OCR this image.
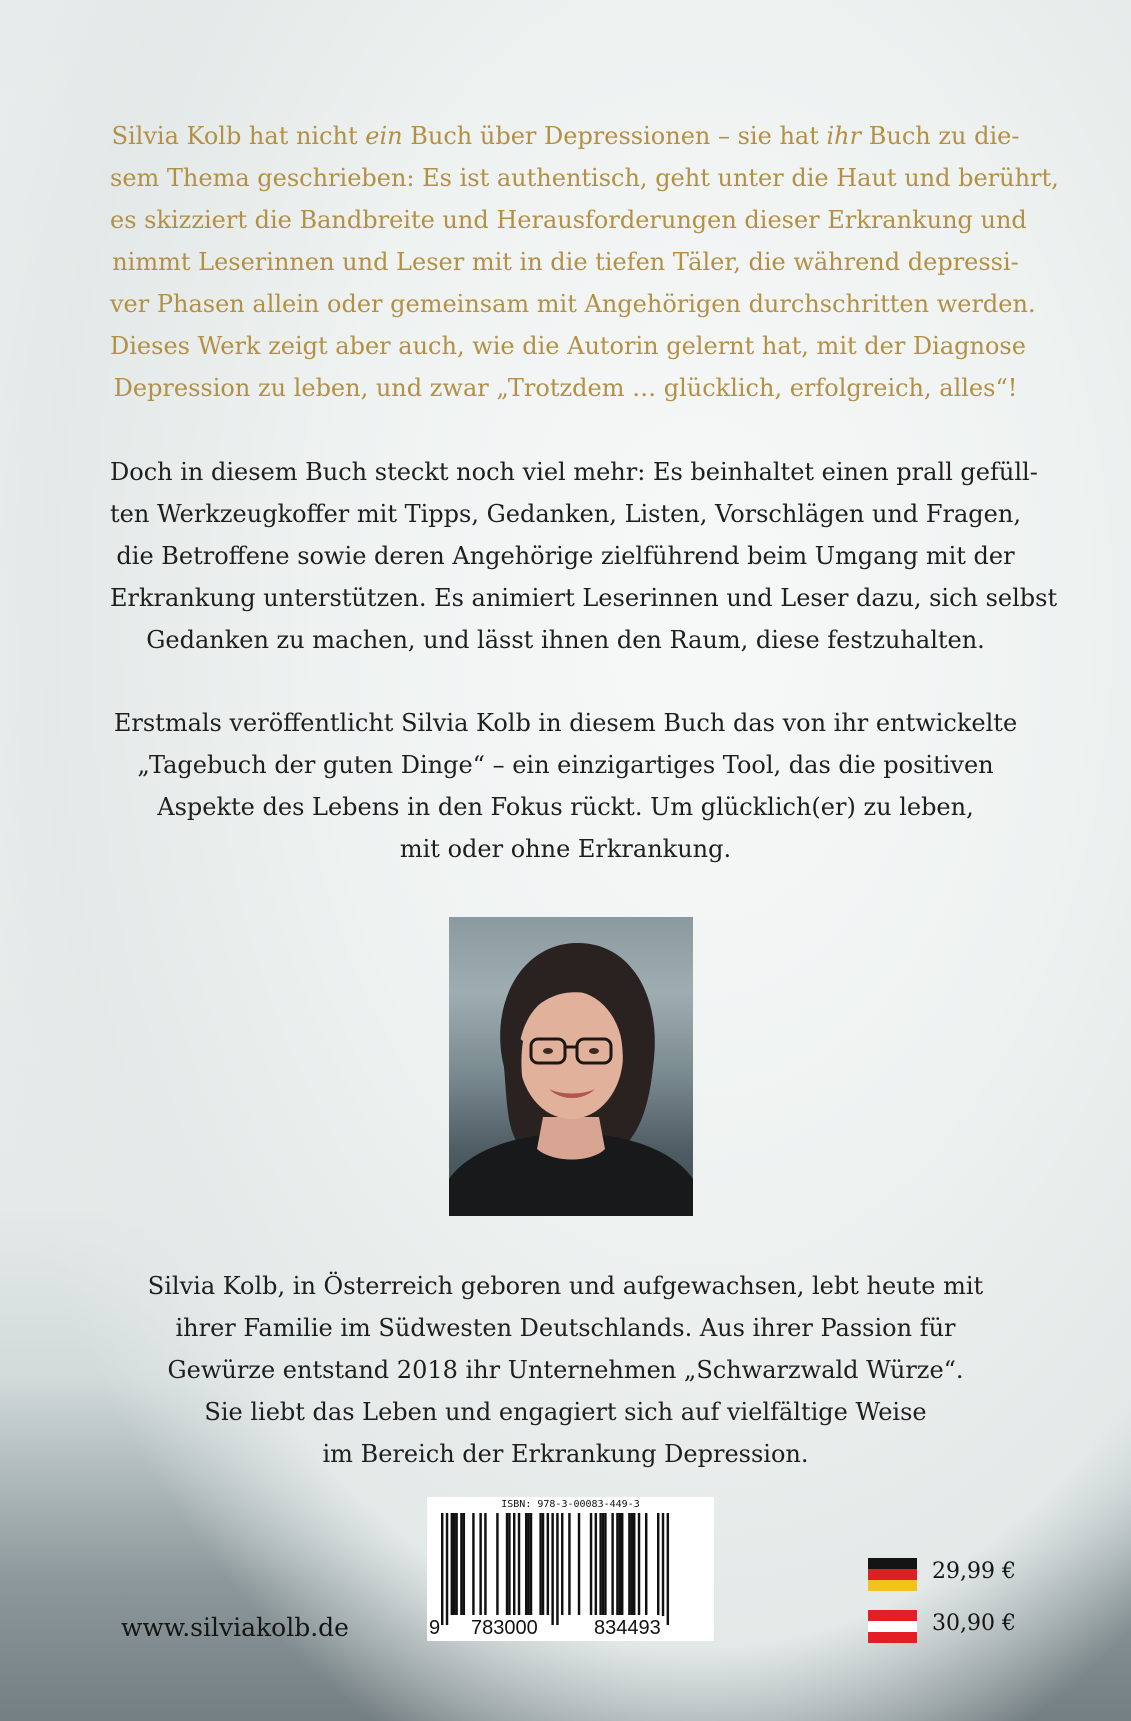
Silvia Kolb hat nicht ein Buch über Depressionen – sie hat ihr Buch zu die-
sem Thema geschrieben: Es ist authentisch, geht unter die Haut und berührt,
es skizziert die Bandbreite und Herausforderungen dieser Erkrankung und
nimmt Leserinnen und Leser mit in die tiefen Täler, die während depressi-
ver Phasen allein oder gemeinsam mit Angehörigen durchschritten werden.
Dieses Werk zeigt aber auch, wie die Autorin gelernt hat, mit der Diagnose
Depression zu leben, und zwar „Trotzdem … glücklich, erfolgreich, alles“!

Doch in diesem Buch steckt noch viel mehr: Es beinhaltet einen prall gefüll-
ten Werkzeugkoffer mit Tipps, Gedanken, Listen, Vorschlägen und Fragen,
die Betroffene sowie deren Angehörige zielführend beim Umgang mit der
Erkrankung unterstützen. Es animiert Leserinnen und Leser dazu, sich selbst
Gedanken zu machen, und lässt ihnen den Raum, diese festzuhalten.

Erstmals veröffentlicht Silvia Kolb in diesem Buch das von ihr entwickelte
„Tagebuch der guten Dinge“ – ein einzigartiges Tool, das die positiven
Aspekte des Lebens in den Fokus rückt. Um glücklich(er) zu leben,
mit oder ohne Erkrankung.

Silvia Kolb, in Österreich geboren und aufgewachsen, lebt heute mit
ihrer Familie im Südwesten Deutschlands. Aus ihrer Passion für
Gewürze entstand 2018 ihr Unternehmen „Schwarzwald Würze“.
Sie liebt das Leben und engagiert sich auf vielfältige Weise
im Bereich der Erkrankung Depression.

ISBN: 978-3-00083-449-3
9 783000	834493
www.silviakolb.de
29,99 €
30,90 €
